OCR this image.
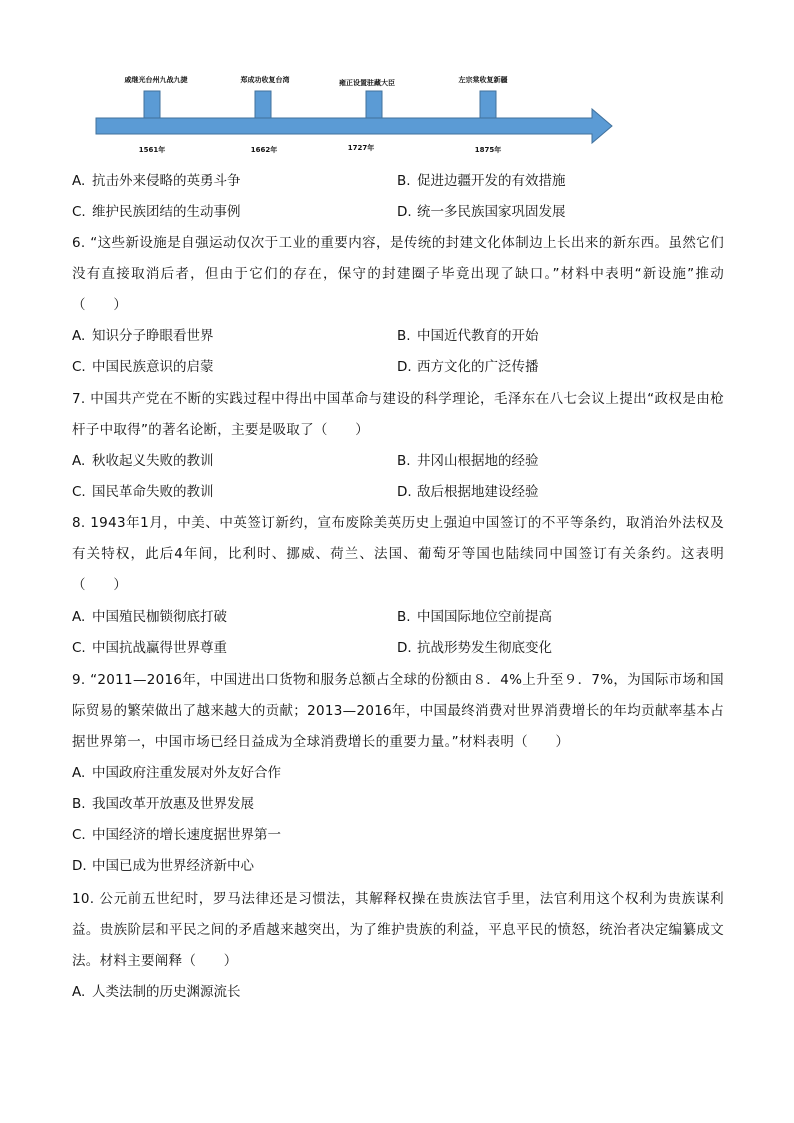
戚继光台州九战九捷	郑成功收复台湾	雍正设置驻藏大臣	左宗棠收复新疆
1561年	1662年	1727年	1875年
A. 抗击外来侵略的英勇斗争	B. 促进边疆开发的有效措施
C. 维护民族团结的生动事例	D. 统一多民族国家巩固发展

6. “这些新设施是自强运动仅次于工业的重要内容，是传统的封建文化体制边上长出来的新东西。虽然它们没有直接取消后者，但由于它们的存在，保守的封建圈子毕竟出现了缺口。”材料中表明“新设施”推动（　　）

A. 知识分子睁眼看世界	B. 中国近代教育的开始
C. 中国民族意识的启蒙	D. 西方文化的广泛传播

7. 中国共产党在不断的实践过程中得出中国革命与建设的科学理论，毛泽东在八七会议上提出“政权是由枪杆子中取得”的著名论断，主要是吸取了（　　）

A. 秋收起义失败的教训	B. 井冈山根据地的经验
C. 国民革命失败的教训	D. 敌后根据地建设经验

8. 1943年1月，中美、中英签订新约，宣布废除美英历史上强迫中国签订的不平等条约，取消治外法权及有关特权，此后4年间，比利时、挪威、荷兰、法国、葡萄牙等国也陆续同中国签订有关条约。这表明（　　）

A. 中国殖民枷锁彻底打破	B. 中国国际地位空前提高
C. 中国抗战赢得世界尊重	D. 抗战形势发生彻底变化

9. “2011—2016年，中国进出口货物和服务总额占全球的份额由８．4%上升至９．7%，为国际市场和国际贸易的繁荣做出了越来越大的贡献；2013—2016年，中国最终消费对世界消费增长的年均贡献率基本占据世界第一，中国市场已经日益成为全球消费增长的重要力量。”材料表明（　　）

A. 中国政府注重发展对外友好合作
B. 我国改革开放惠及世界发展
C. 中国经济的增长速度据世界第一
D. 中国已成为世界经济新中心

10. 公元前五世纪时，罗马法律还是习惯法，其解释权操在贵族法官手里，法官利用这个权利为贵族谋利益。贵族阶层和平民之间的矛盾越来越突出，为了维护贵族的利益，平息平民的愤怒，统治者决定编纂成文法。材料主要阐释（　　）

A. 人类法制的历史渊源流长
